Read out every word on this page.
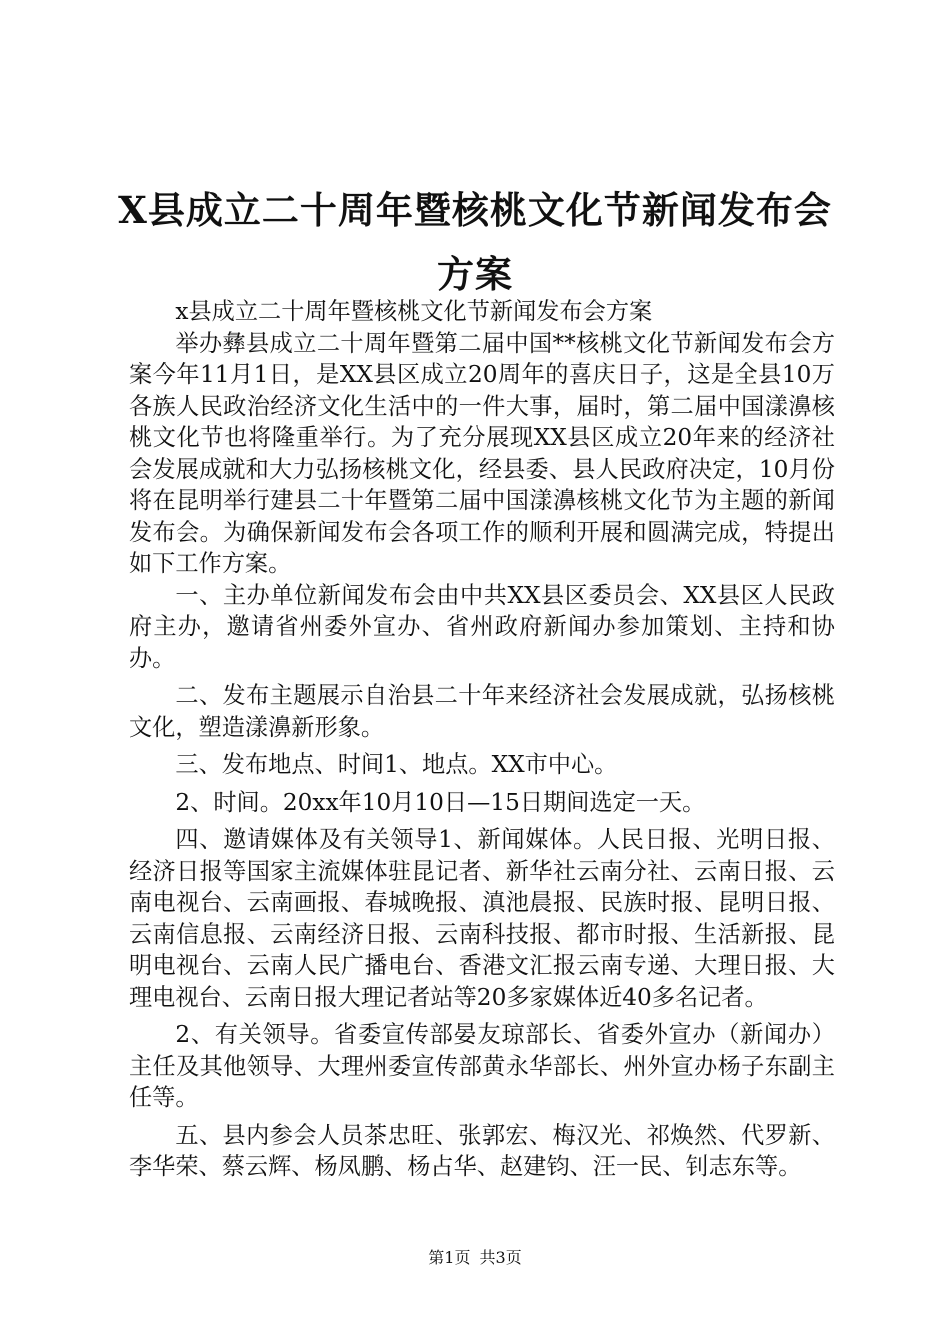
X县成立二十周年暨核桃文化节新闻发布会方案

x县成立二十周年暨核桃文化节新闻发布会方案

举办彝县成立二十周年暨第二届中国**核桃文化节新闻发布会方案今年11月1日，是XX县区成立20周年的喜庆日子，这是全县10万各族人民政治经济文化生活中的一件大事，届时，第二届中国漾濞核桃文化节也将隆重举行。为了充分展现XX县区成立20年来的经济社会发展成就和大力弘扬核桃文化，经县委、县人民政府决定，10月份将在昆明举行建县二十年暨第二届中国漾濞核桃文化节为主题的新闻发布会。为确保新闻发布会各项工作的顺利开展和圆满完成，特提出如下工作方案。

一、主办单位新闻发布会由中共XX县区委员会、XX县区人民政府主办，邀请省州委外宣办、省州政府新闻办参加策划、主持和协办。

二、发布主题展示自治县二十年来经济社会发展成就，弘扬核桃文化，塑造漾濞新形象。

三、发布地点、时间1、地点。XX市中心。

2、时间。20xx年10月10日—15日期间选定一天。

四、邀请媒体及有关领导1、新闻媒体。人民日报、光明日报、经济日报等国家主流媒体驻昆记者、新华社云南分社、云南日报、云南电视台、云南画报、春城晚报、滇池晨报、民族时报、昆明日报、云南信息报、云南经济日报、云南科技报、都市时报、生活新报、昆明电视台、云南人民广播电台、香港文汇报云南专递、大理日报、大理电视台、云南日报大理记者站等20多家媒体近40多名记者。

2、有关领导。省委宣传部晏友琼部长、省委外宣办（新闻办）主任及其他领导、大理州委宣传部黄永华部长、州外宣办杨子东副主任等。

五、县内参会人员茶忠旺、张郭宏、梅汉光、祁焕然、代罗新、李华荣、蔡云辉、杨凤鹏、杨占华、赵建钧、汪一民、钊志东等。

第1页 共3页
